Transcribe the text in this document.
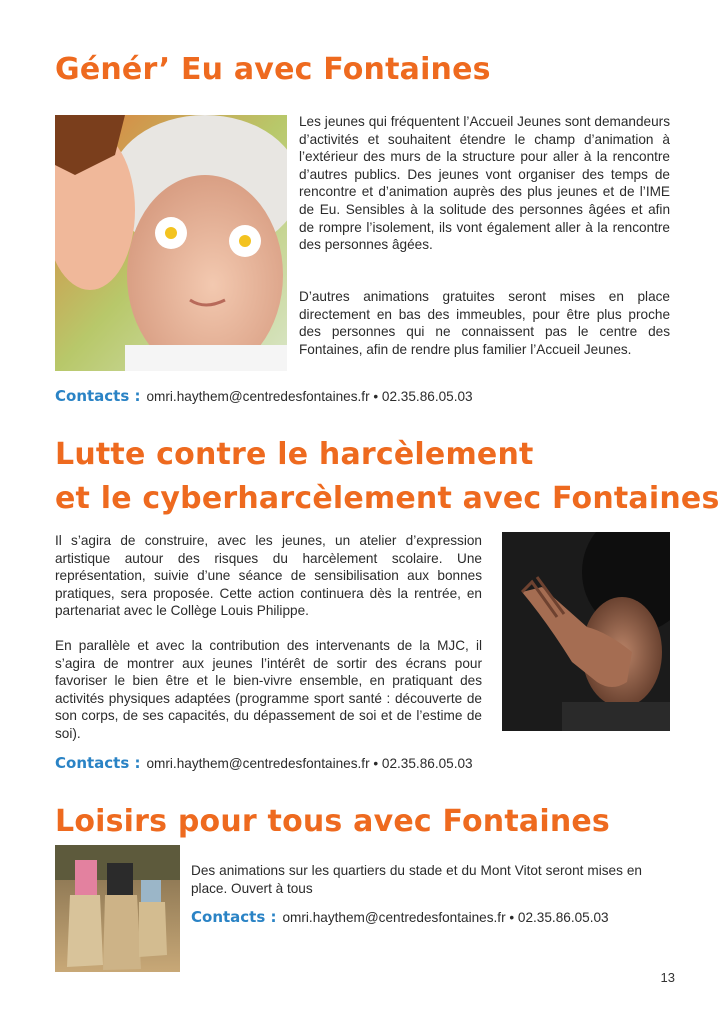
Génér’ Eu avec Fontaines

Les jeunes qui fréquentent l’Accueil Jeunes sont demandeurs d’activités et souhaitent étendre le champ d’animation à l’extérieur des murs de la structure pour aller à la rencontre d’autres publics. Des jeunes vont organiser des temps de rencontre et d’animation auprès des plus jeunes et de l’IME de Eu. Sensibles à la solitude des personnes âgées et afin de rompre l’isolement, ils vont également aller à la rencontre des personnes âgées.

D’autres animations gratuites seront mises en place directement en bas des immeubles, pour être plus proche des personnes qui ne connaissent pas le centre des Fontaines, afin de rendre plus familier l’Accueil Jeunes.

Contacts : omri.haythem@centredesfontaines.fr • 02.35.86.05.03

Lutte contre le harcèlement
et le cyberharcèlement avec Fontaines

Il s’agira de construire, avec les jeunes, un atelier d’expression artistique autour des risques du harcèlement scolaire. Une représentation, suivie d’une séance de sensibilisation aux bonnes pratiques, sera proposée. Cette action continuera dès la rentrée, en partenariat avec le Collège Louis Philippe.

En parallèle et avec la contribution des intervenants de la MJC, il s’agira de montrer aux jeunes l’intérêt de sortir des écrans pour favoriser le bien être et le bien-vivre ensemble, en pratiquant des activités physiques adaptées (programme sport santé : découverte de son corps, de ses capacités, du dépassement de soi et de l’estime de soi).

Contacts : omri.haythem@centredesfontaines.fr • 02.35.86.05.03

Loisirs pour tous avec Fontaines

Des animations sur les quartiers du stade et du Mont Vitot seront mises en place. Ouvert à tous

Contacts : omri.haythem@centredesfontaines.fr • 02.35.86.05.03

13
